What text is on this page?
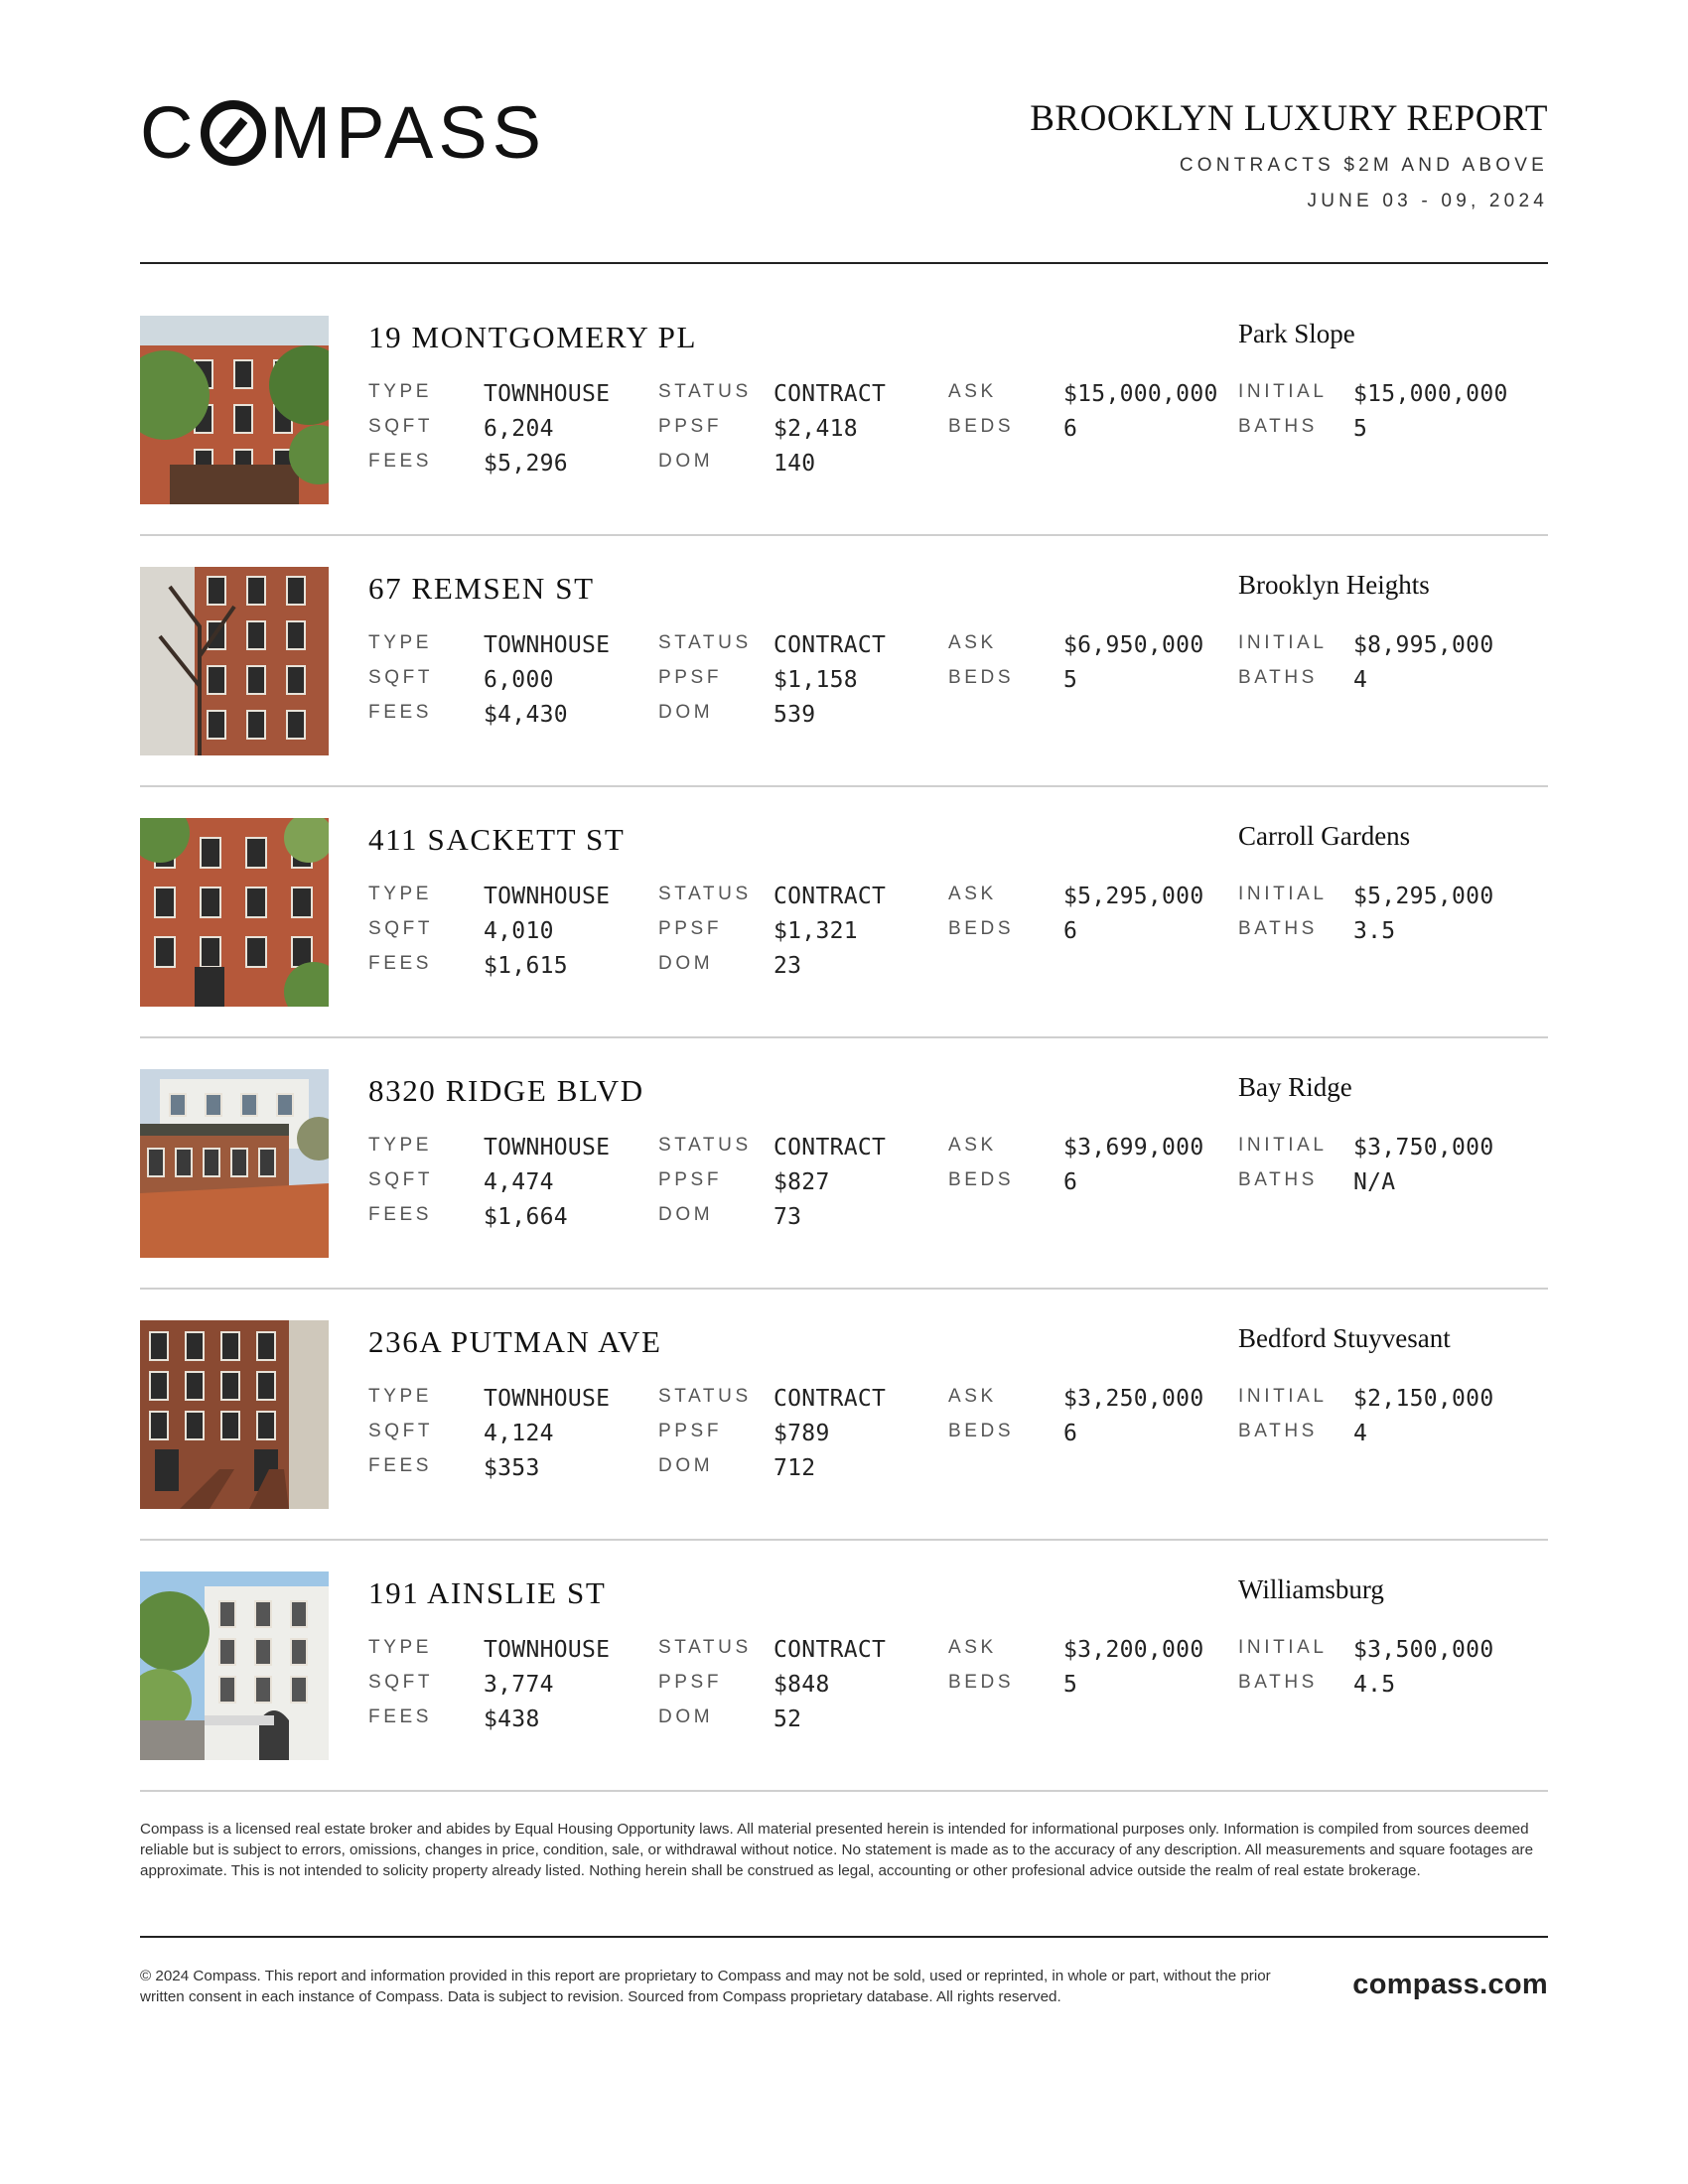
C MPASS	BROOKLYN LUXURY REPORT
CONTRACTS $2M AND ABOVE
JUNE 03 - 09, 2024
19 MONTGOMERY PL	Park Slope
TYPE TOWNHOUSE
SQFT 6,204
FEES $5,296
STATUS CONTRACT
PPSF $2,418
DOM	140
ASK	$15,000,000
BEDS 6
INITIAL $15,000,000
BATHS 5
67 REMSEN ST	Brooklyn Heights
TYPE TOWNHOUSE
SQFT 6,000
FEES $4,430
STATUS CONTRACT
PPSF $1,158
DOM	539
ASK	$6,950,000
BEDS 5
INITIAL $8,995,000
BATHS 4
411 SACKETT ST	Carroll Gardens
TYPE TOWNHOUSE
SQFT 4,010
FEES $1,615
STATUS CONTRACT
PPSF $1,321
DOM	23
ASK	$5,295,000
BEDS 6
INITIAL $5,295,000
BATHS 3.5
8320 RIDGE BLVD	Bay Ridge
TYPE TOWNHOUSE
SQFT 4,474
FEES $1,664
STATUS CONTRACT
PPSF $827
DOM	73
ASK	$3,699,000
BEDS 6
INITIAL $3,750,000
BATHS N/A
236A PUTMAN AVE	Bedford Stuyvesant
TYPE TOWNHOUSE
SQFT 4,124
FEES $353
STATUS CONTRACT
PPSF $789
DOM	712
ASK	$3,250,000
BEDS 6
INITIAL $2,150,000
BATHS 4
191 AINSLIE ST	Williamsburg
TYPE TOWNHOUSE
SQFT 3,774
FEES $438
STATUS CONTRACT
PPSF $848
DOM	52
ASK	$3,200,000
BEDS 5
INITIAL $3,500,000
BATHS 4.5
Compass is a licensed real estate broker and abides by Equal Housing Opportunity laws. All material presented herein is intended for informational purposes only. Information is compiled from sources deemed reliable but is subject to errors, omissions, changes in price, condition, sale, or withdrawal without notice. No statement is made as to the accuracy of any description. All measurements and square footages are approximate. This is not intended to solicity property already listed. Nothing herein shall be construed as legal, accounting or other profesional advice outside the realm of real estate brokerage.
© 2024 Compass. This report and information provided in this report are proprietary to Compass and may not be sold, used or reprinted, in whole or part, without the prior written consent in each instance of Compass. Data is subject to revision. Sourced from Compass proprietary database. All rights reserved.	compass.com
